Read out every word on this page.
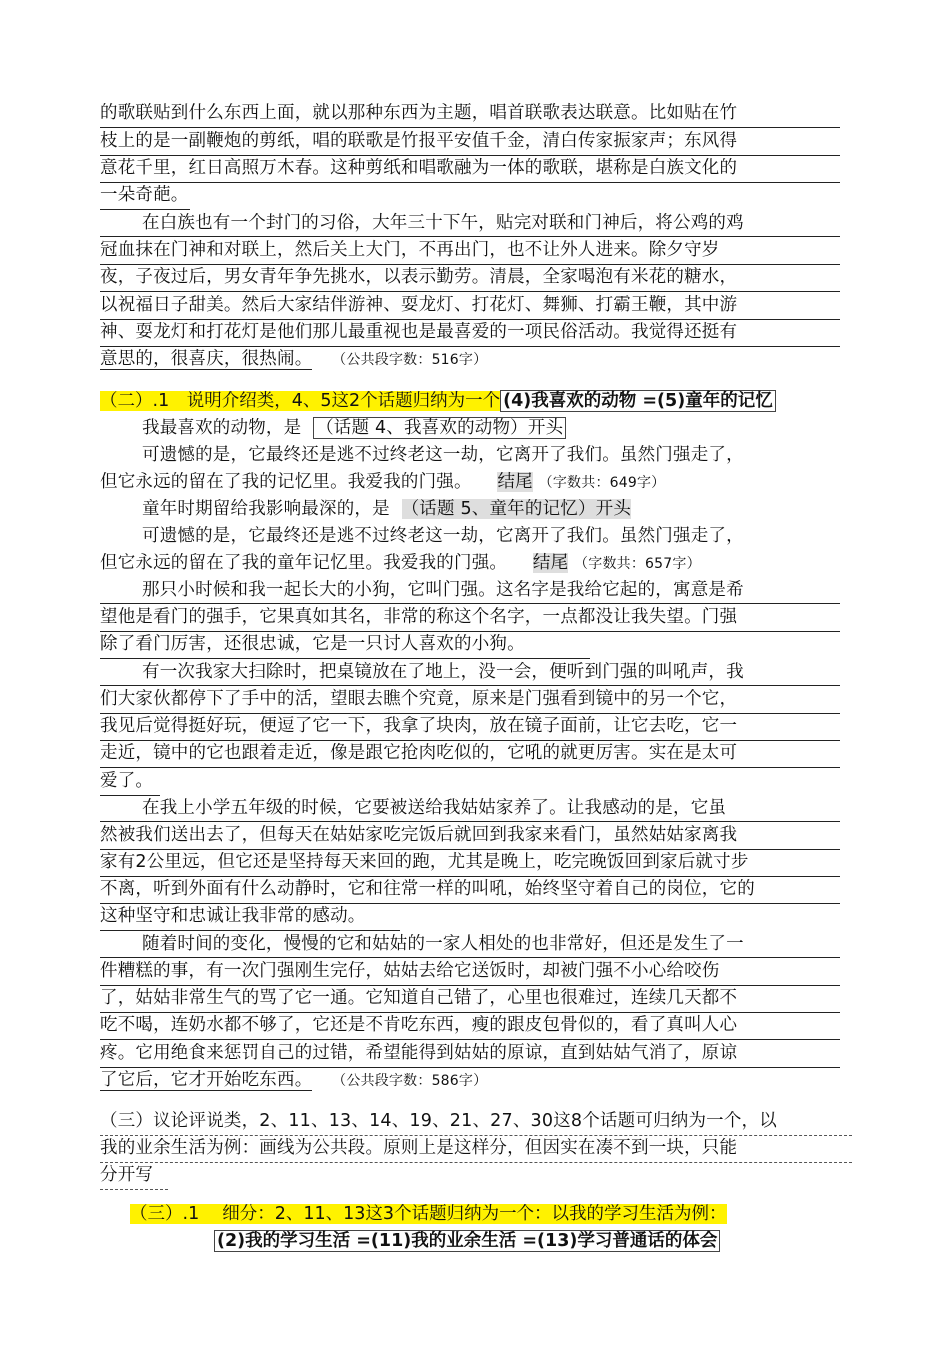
的歌联贴到什么东西上面，就以那种东西为主题，唱首联歌表达联意。比如贴在竹
枝上的是一副鞭炮的剪纸，唱的联歌是竹报平安值千金，清白传家振家声；东风得
意花千里，红日高照万木春。这种剪纸和唱歌融为一体的歌联，堪称是白族文化的
一朵奇葩。
在白族也有一个封门的习俗，大年三十下午，贴完对联和门神后，将公鸡的鸡
冠血抹在门神和对联上，然后关上大门，不再出门，也不让外人进来。除夕守岁
夜，子夜过后，男女青年争先挑水，以表示勤劳。清晨，全家喝泡有米花的糖水，
以祝福日子甜美。然后大家结伴游神、耍龙灯、打花灯、舞狮、打霸王鞭，其中游
神、耍龙灯和打花灯是他们那儿最重视也是最喜爱的一项民俗活动。我觉得还挺有
意思的，很喜庆，很热闹。 （公共段字数：516字）
（二）.1　说明介绍类，4、5这2个话题归纳为一个 (4)我喜欢的动物 =(5)童年的记忆
我最喜欢的动物，是 （话题 4、我喜欢的动物）开头
可遗憾的是，它最终还是逃不过终老这一劫，它离开了我们。虽然门强走了，
但它永远的留在了我的记忆里。我爱我的门强。 结尾 （字数共：649字）
童年时期留给我影响最深的，是 （话题 5、童年的记忆）开头
可遗憾的是，它最终还是逃不过终老这一劫，它离开了我们。虽然门强走了，
但它永远的留在了我的童年记忆里。我爱我的门强。 结尾 （字数共：657字）
那只小时候和我一起长大的小狗，它叫门强。这名字是我给它起的，寓意是希
望他是看门的强手，它果真如其名，非常的称这个名字，一点都没让我失望。门强
除了看门厉害，还很忠诚，它是一只讨人喜欢的小狗。
有一次我家大扫除时，把桌镜放在了地上，没一会，便听到门强的叫吼声，我
们大家伙都停下了手中的活，望眼去瞧个究竟，原来是门强看到镜中的另一个它，
我见后觉得挺好玩，便逗了它一下，我拿了块肉，放在镜子面前，让它去吃，它一
走近，镜中的它也跟着走近，像是跟它抢肉吃似的，它吼的就更厉害。实在是太可
爱了。
在我上小学五年级的时候，它要被送给我姑姑家养了。让我感动的是，它虽
然被我们送出去了，但每天在姑姑家吃完饭后就回到我家来看门，虽然姑姑家离我
家有2公里远，但它还是坚持每天来回的跑，尤其是晚上，吃完晚饭回到家后就寸步
不离，听到外面有什么动静时，它和往常一样的叫吼，始终坚守着自己的岗位，它的
这种坚守和忠诚让我非常的感动。
随着时间的变化，慢慢的它和姑姑的一家人相处的也非常好，但还是发生了一
件糟糕的事，有一次门强刚生完仔，姑姑去给它送饭时，却被门强不小心给咬伤
了，姑姑非常生气的骂了它一通。它知道自己错了，心里也很难过，连续几天都不
吃不喝，连奶水都不够了，它还是不肯吃东西，瘦的跟皮包骨似的，看了真叫人心
疼。它用绝食来惩罚自己的过错，希望能得到姑姑的原谅，直到姑姑气消了，原谅
了它后，它才开始吃东西。 （公共段字数：586字）
（三）议论评说类，2、11、13、14、19、21、27、30这8个话题可归纳为一个，以
我的业余生活为例：画线为公共段。原则上是这样分，但因实在凑不到一块，只能
分开写
（三）.1　 细分：2、11、13这3个话题归纳为一个：以我的学习生活为例：
(2)我的学习生活 =(11)我的业余生活 =(13)学习普通话的体会
